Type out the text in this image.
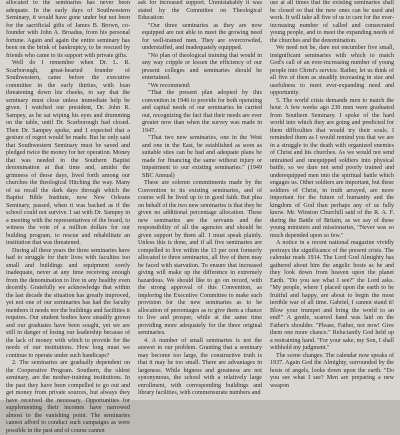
allocated to the seminaries has never been adequate. In the early days of Southwestern Seminary, it would have gone under but not been for the sacrificial gifts of James B. Brown, co-founder with John A. Broadus, from his personal fortune. Again and again the entire seminary has been on the brink of bankruptcy, to be rescued by friends who came to its support with private gifts.

Well do I remember when Dr. L. R. Scarborough, great-hearted founder of Southwestern, came before the executive committee in the early thirties, with loan threatening down his cheeks, to say that the seminary must close unless immediate help be given. I watched our president, Dr. John R. Sampey, as he sat wiping his eyes and drumming on the table, until Dr. Scarborough had closed. Then Dr. Sampey spoke, and I expected that a gesture of regret would be made. But he only said that Southwestern Seminary must be saved and pledged twice the money for her operation. Money that was needed in the Southern Baptist denomination at that time and, amidst the grimness of those days, lived forth among our churches the theological Hitching the way. Many of us recall the dark days through which the Baptist Bible Institute, now New Orleans Seminary, passed, when it was backed as if the school could not survive. I sat with Dr. Sampey in a meeting with the representatives of the board, to witness the vote of a million dollars for our building program, to rescue and rehabilitate an institution that was threatened.

During all these years the three seminaries have had to struggle for their lives with faculties too small and buildings and equipment sorely inadequate, never at any time receiving enough from the denomination to live in any healthy even decently. Gratefully we acknowledge that within the last decade the situation has greatly improved, yet not one of our seminaries has had the faculty members it needs nor the buildings and facilities it requires. Our student bodies have steadily grown and our graduates have been sought, yet we are still in danger of losing our leadership because of the lack of money with which to provide for the needs of our institutions. How long must we continue to operate under such handicaps?

2. The seminaries are gradually dependent on the Cooperative Program. Southern, the oldest seminary, are the mother-training institutions. In the past they have been compelled to go out and get money from private sources, but always they have received the necessary. Opportunities for supplementing their incomes have narrowed almost to the vanishing point. The seminaries cannot afford to conduct such campaigns as were possible in the past and of course cannot

ask for increased support. Unmistakably it was stated by the Committee on Theological Education:

"Our three seminaries as they are now equipped are not able to meet the growing need for well-trained men. They are overcrowded, understaffed, and inadequately equipped.

"No plan of theological training that would in any way cripple or lessen the efficiency of our present colleges and seminaries should be entertained.

"We recommend:

"That the present plan adopted by this convention in 1946 to provide for both operating and capital needs of our seminaries be carried out, recognizing the fact that their needs are ever greater now than when the survey was made in 1947.

"That two new seminaries, one in the West and one in the East, be established as soon as suitable sites can be had and adequate plans be made for financing the same without injury or impairment to our existing seminaries." (1949 SBC Annual)

These are solemn commitments made by the Convention to its existing seminaries, and of course will be lived up to in good faith. But plea on behalf of the two new seminaries is that they be given no additional percentage allocation. These new seminaries are the servants and the responsibility of all the agencies and should be given support by them all. I must speak plainly. Unless this is done, and if all five seminaries are compelled to live within the 13 per cent formerly allocated to three seminaries, all five of them may be faced with starvation. To ensure that increased giving will make up the difference in extremely hazardous. We should like to go on record, with the strong approval of this Convention, as imploring the Executive Committee to make such provision for the new seminaries as to be allocation of percentages as to give them a chance to live and prosper, while at the same time providing more adequately for the three original seminaries.

4. A number of small seminaries is not the answer to our problem. Granting that a seminary may become too large, the constructive truth is that it may be too small. There are advantages in largeness. While bigness and greatness are not synonymous, the school with a relatively large enrollment, with corresponding buildings and library facilities, with commensurate numbers and

use at all times that the existing seminaries shall be closed so that the new ones can be used and work. It will take all five of us to care for the ever-increasing number of called and consecrated young people, and to meet the expanding needs of the churches and the denomination.

We need not be, dare not encumber five small, insignificant seminaries with which to match God's call of an ever-increasing number of young people into Christ's service. Rather, let us think of all five of them as steadily increasing in size and usefulness to meet ever-expanding need and opportunity.

5. The world crisis demands men to match the hour. A few weeks ago 230 men were graduated from Southern Seminary. I spoke of the hard world into which they are going and predicted for them difficulties that would try their souls. I reminded them as I would remind you that we are in a struggle to the death with organized enemies of Christ and his churches. As we would not send untrained and unequipped soldiers into physical battle, so we dare not send poorly trained and underequipped men into the spiritual battle which engages us. Other soldiers are important, but these soldiers of Christ, in truth arrayed, are more important for the future of humanity and the kingdom of God than perhaps any of us fully know. Mr. Winston Churchill said of the R. A. F. during the Battle of Britain, as we say of these young ministers and missionaries, "Never was so much depended upon so few."

A notice in a recent national magazine vividly portrays the significance of the present crisis. The calendar reads 1914. The Lord God Almighty has gathered about him the angelic hosts as he and they look down from heaven upon the planet Earth. "Do you see what I see?" the Lord asks. "My people, where I placed upon the earth to be fruitful and happy, are about to begin the most terrible war of all time. Gabriel, I cannot stand it! Blow your trumpet and bring the world to an end!" A gentle, scarred hand was laid on the Father's shoulder. "Please, Father, not now! Give them one more chance." Reluctantly God held up a restraining hand. "For your sake, my Son, I shall withhold my judgment."

The scene changes. The calendar now speaks of 1937. Again God the Almighty, surrounded by the hosts of angels, looks down upon the earth. "Do you see what I see? Men are preparing a new weapon
